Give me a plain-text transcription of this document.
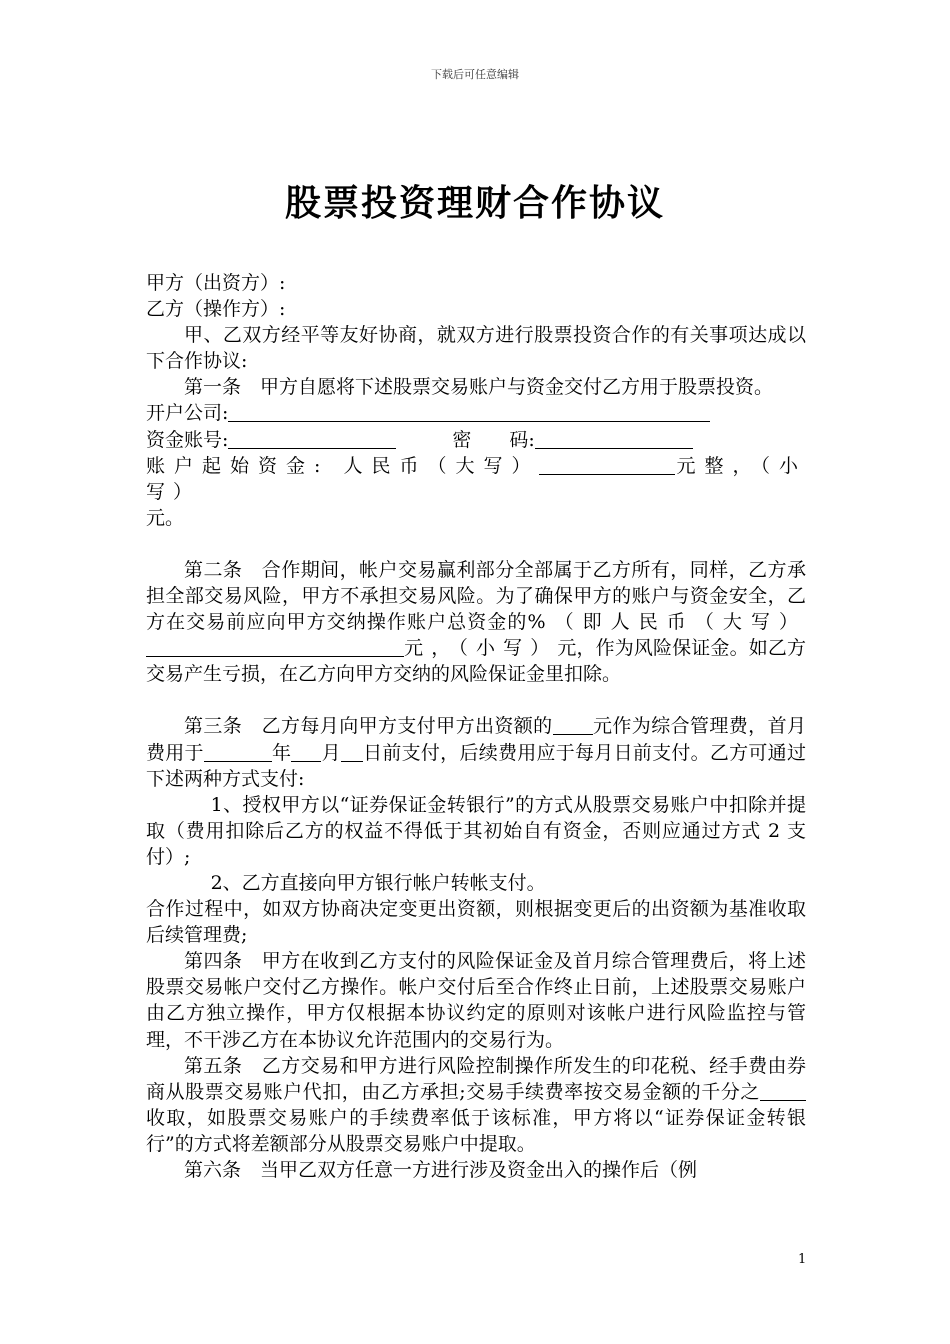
下载后可任意编辑
股票投资理财合作协议

甲方（出资方）:

乙方（操作方）:

甲、乙双方经平等友好协商，就双方进行股票投资合作的有关事项达成以下合作协议:

第一条　甲方自愿将下述股票交易账户与资金交付乙方用于股票投资。

开户公司:

资金账号:	密　　码:

账户起始资金: 人民币（大写）	元整，（小写）

元。

第二条　合作期间，帐户交易赢利部分全部属于乙方所有，同样，乙方承担全部交易风险，甲方不承担交易风险。为了确保甲方的账户与资金安全，乙方在交易前应向甲方交纳操作账户总资金的%（即人民币（大写）元，（小写）元，作为风险保证金。如乙方交易产生亏损，在乙方向甲方交纳的风险保证金里扣除。

第三条　乙方每月向甲方支付甲方出资额的 元作为综合管理费，首月费用于	年 月 日前支付，后续费用应于每月日前支付。乙方可通过下述两种方式支付:

1、授权甲方以“证券保证金转银行”的方式从股票交易账户中扣除并提取（费用扣除后乙方的权益不得低于其初始自有资金，否则应通过方式 2 支付）;

2、乙方直接向甲方银行帐户转帐支付。

合作过程中，如双方协商决定变更出资额，则根据变更后的出资额为基准收取后续管理费;

第四条　甲方在收到乙方支付的风险保证金及首月综合管理费后，将上述股票交易帐户交付乙方操作。帐户交付后至合作终止日前，上述股票交易账户由乙方独立操作，甲方仅根据本协议约定的原则对该帐户进行风险监控与管理，不干涉乙方在本协议允许范围内的交易行为。

第五条　乙方交易和甲方进行风险控制操作所发生的印花税、经手费由券商从股票交易账户代扣，由乙方承担;交易手续费率按交易金额的千分之收取，如股票交易账户的手续费率低于该标准，甲方将以“证券保证金转银行”的方式将差额部分从股票交易账户中提取。

第六条　当甲乙双方任意一方进行涉及资金出入的操作后（例

1
